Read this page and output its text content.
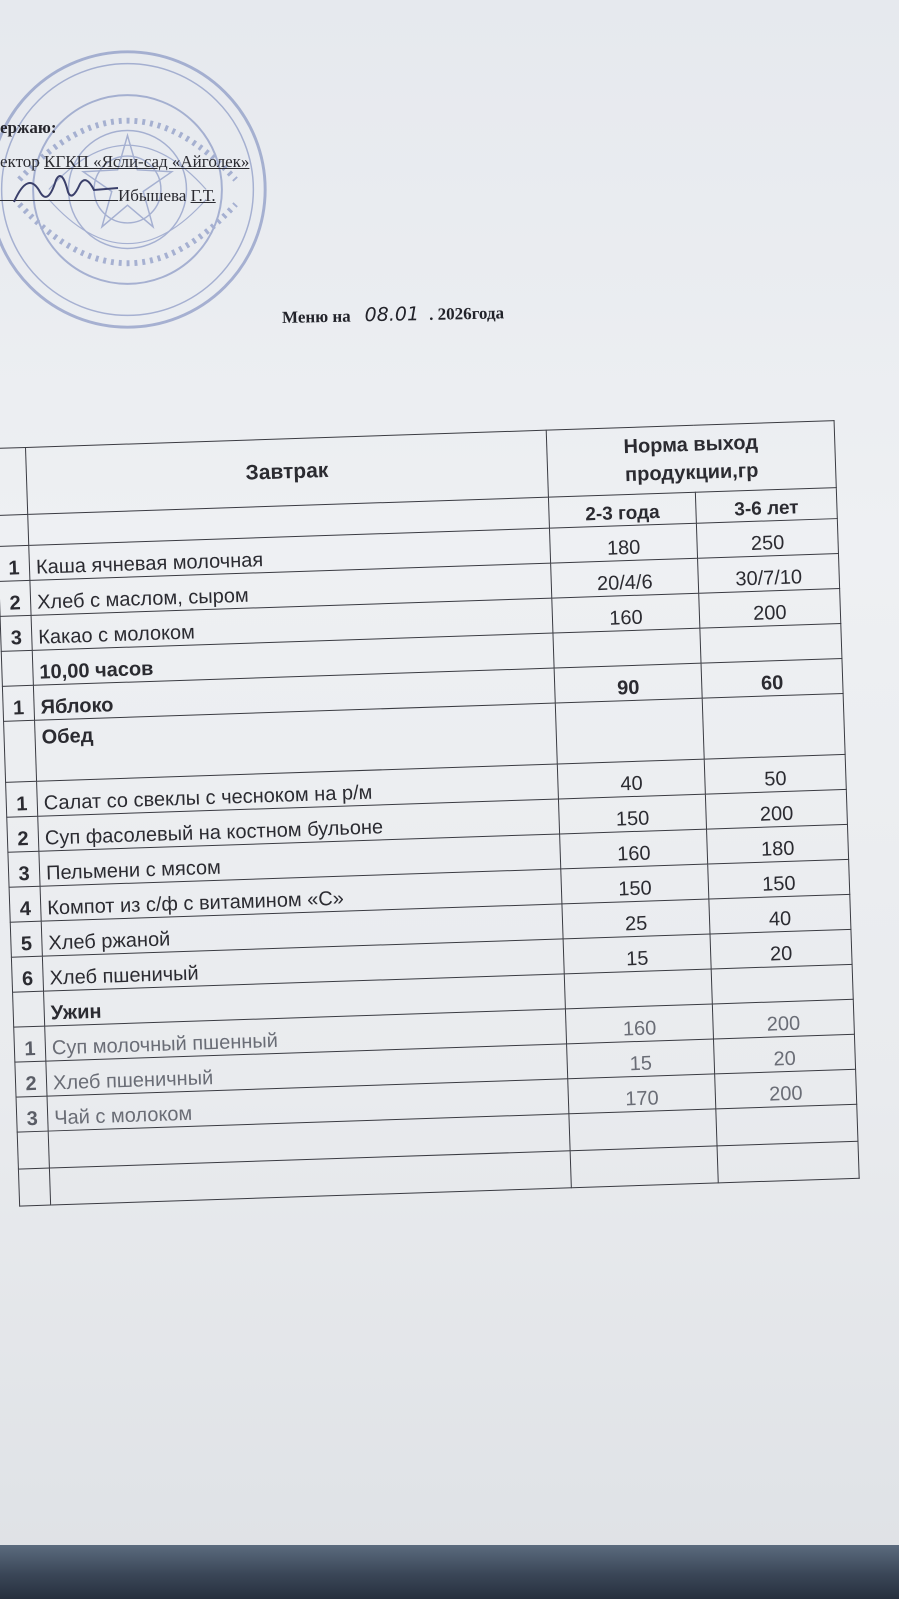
ержаю:
ектор КГКП «Ясли-сад «Айголек»
Ибышева Г.Т.
Меню на 08.01 . 2026года
	Завтрак	Норма выход
продукции,гр	
		2-3 года	3-6 лет
1	Каша ячневая молочная	180	250
2	Хлеб с маслом, сыром	20/4/6	30/7/10
3	Какао с молоком	160	200
	10,00 часов		
1	Яблоко	90	60
	Обед		
1	Салат со свеклы с чесноком на р/м	40	50
2	Суп фасолевый на костном бульоне	150	200
3	Пельмени с мясом	160	180
4	Компот из с/ф с витамином «С»	150	150
5	Хлеб ржаной	25	40
6	Хлеб пшеничый	15	20
	Ужин		
1	Суп молочный пшенный	160	200
2	Хлеб пшеничный	15	20
3	Чай с молоком	170	200
